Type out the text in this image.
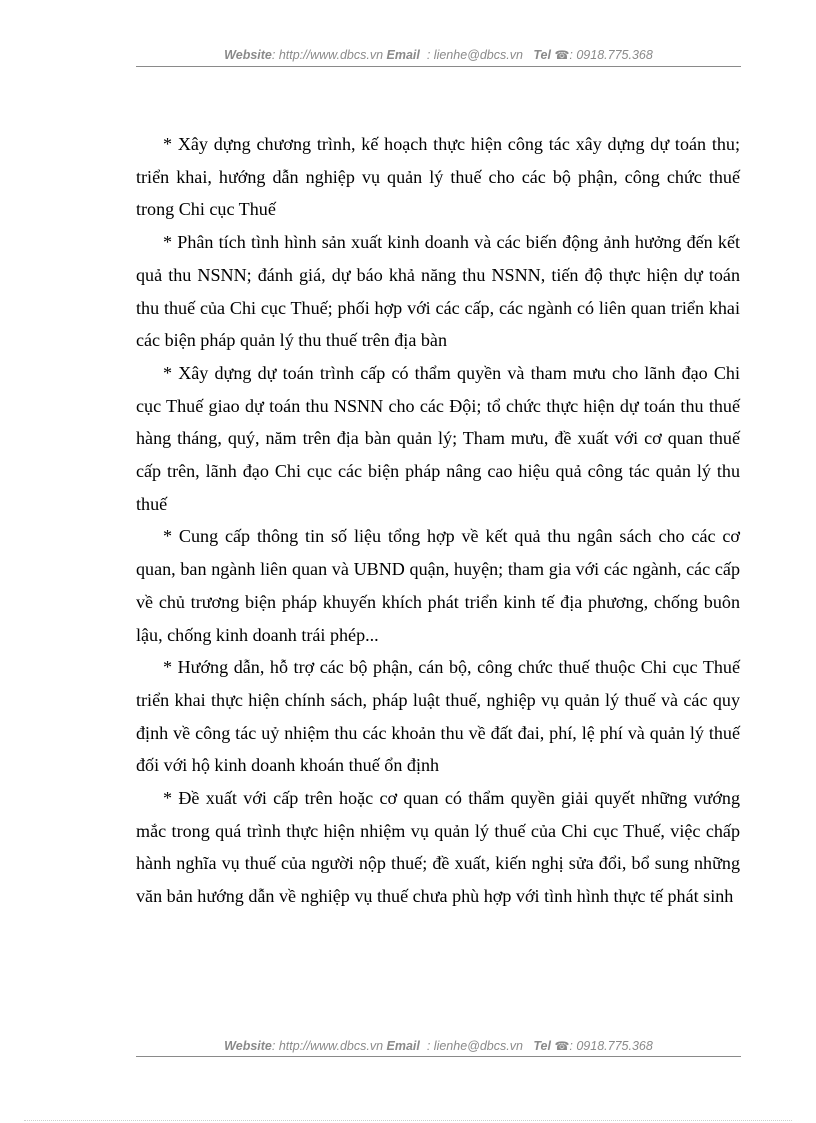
Website: http://www.dbcs.vn Email : lienhe@dbcs.vn Tel ☎: 0918.775.368

* Xây dựng chương trình, kế hoạch thực hiện công tác xây dựng dự toán thu; triển khai, hướng dẫn nghiệp vụ quản lý thuế cho các bộ phận, công chức thuế trong Chi cục Thuế

* Phân tích tình hình sản xuất kinh doanh và các biến động ảnh hưởng đến kết quả thu NSNN; đánh giá, dự báo khả năng thu NSNN, tiến độ thực hiện dự toán thu thuế của Chi cục Thuế; phối hợp với các cấp, các ngành có liên quan triển khai các biện pháp quản lý thu thuế trên địa bàn

* Xây dựng dự toán trình cấp có thẩm quyền và tham mưu cho lãnh đạo Chi cục Thuế giao dự toán thu NSNN cho các Đội; tổ chức thực hiện dự toán thu thuế hàng tháng, quý, năm trên địa bàn quản lý; Tham mưu, đề xuất với cơ quan thuế cấp trên, lãnh đạo Chi cục các biện pháp nâng cao hiệu quả công tác quản lý thu thuế

* Cung cấp thông tin số liệu tổng hợp về kết quả thu ngân sách cho các cơ quan, ban ngành liên quan và UBND quận, huyện; tham gia với các ngành, các cấp về chủ trương biện pháp khuyến khích phát triển kinh tế địa phương, chống buôn lậu, chống kinh doanh trái phép...

* Hướng dẫn, hỗ trợ các bộ phận, cán bộ, công chức thuế thuộc Chi cục Thuế triển khai thực hiện chính sách, pháp luật thuế, nghiệp vụ quản lý thuế và các quy định về công tác uỷ nhiệm thu các khoản thu về đất đai, phí, lệ phí và quản lý thuế đối với hộ kinh doanh khoán thuế ổn định

* Đề xuất với cấp trên hoặc cơ quan có thẩm quyền giải quyết những vướng mắc trong quá trình thực hiện nhiệm vụ quản lý thuế của Chi cục Thuế, việc chấp hành nghĩa vụ thuế của người nộp thuế; đề xuất, kiến nghị sửa đổi, bổ sung những văn bản hướng dẫn về nghiệp vụ thuế chưa phù hợp với tình hình thực tế phát sinh

Website: http://www.dbcs.vn Email : lienhe@dbcs.vn Tel ☎: 0918.775.368
